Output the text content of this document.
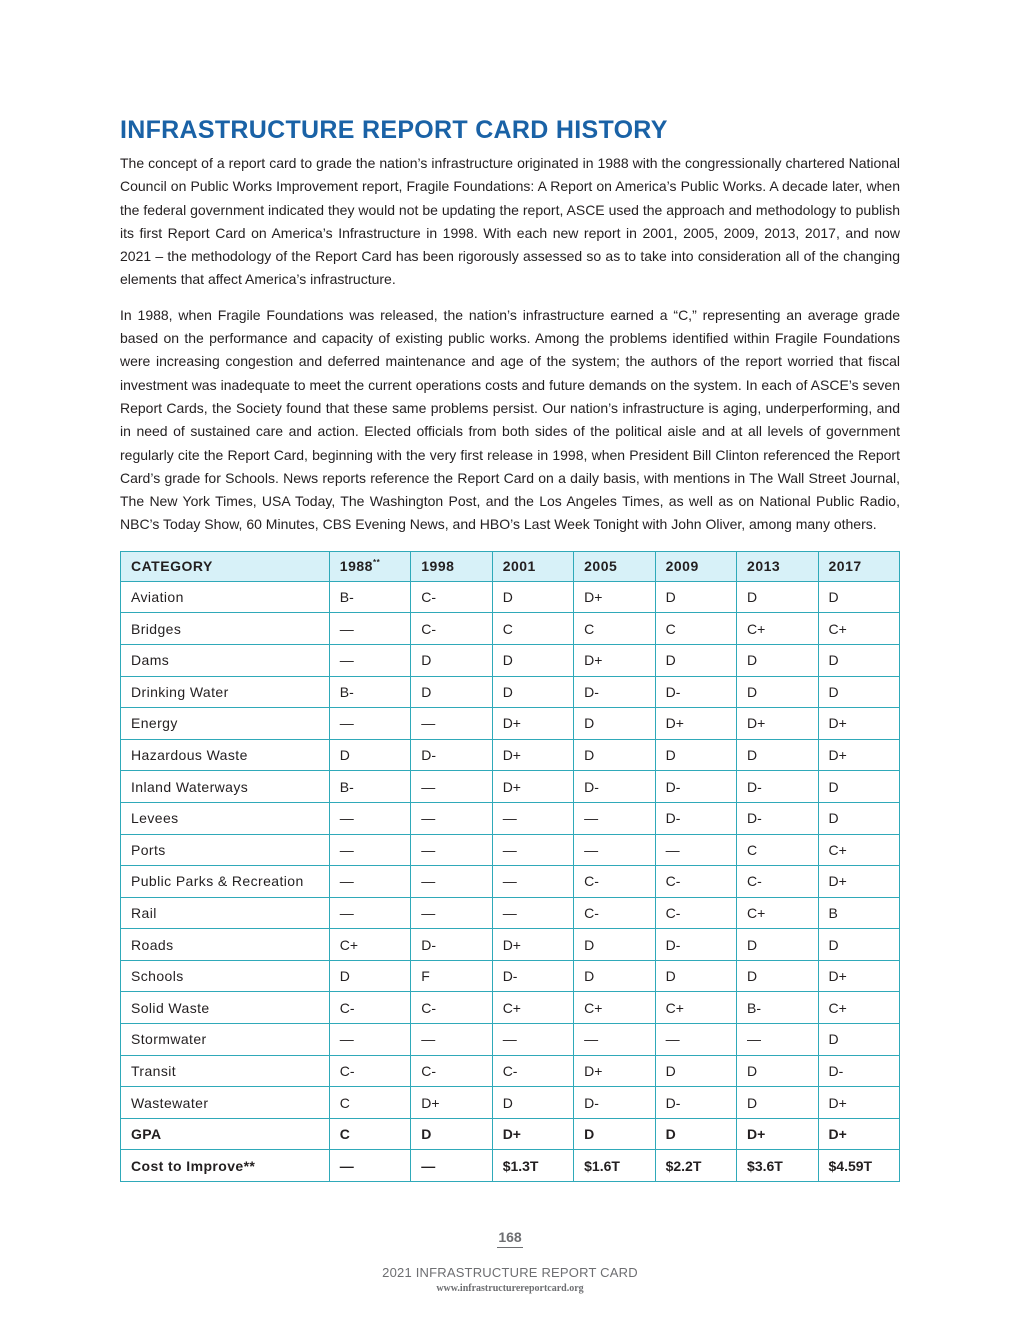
INFRASTRUCTURE REPORT CARD HISTORY

The concept of a report card to grade the nation’s infrastructure originated in 1988 with the congressionally chartered National Council on Public Works Improvement report, Fragile Foundations: A Report on America’s Public Works. A decade later, when the federal government indicated they would not be updating the report, ASCE used the approach and methodology to publish its first Report Card on America’s Infrastructure in 1998. With each new report in 2001, 2005, 2009, 2013, 2017, and now 2021 – the methodology of the Report Card has been rigorously assessed so as to take into consideration all of the changing elements that affect America’s infrastructure.

In 1988, when Fragile Foundations was released, the nation’s infrastructure earned a “C,” representing an average grade based on the performance and capacity of existing public works. Among the problems identified within Fragile Foundations were increasing congestion and deferred maintenance and age of the system; the authors of the report worried that fiscal investment was inadequate to meet the current operations costs and future demands on the system. In each of ASCE’s seven Report Cards, the Society found that these same problems persist. Our nation’s infrastructure is aging, underperforming, and in need of sustained care and action. Elected officials from both sides of the political aisle and at all levels of government regularly cite the Report Card, beginning with the very first release in 1998, when President Bill Clinton referenced the Report Card’s grade for Schools. News reports reference the Report Card on a daily basis, with mentions in The Wall Street Journal, The New York Times, USA Today, The Washington Post, and the Los Angeles Times, as well as on National Public Radio, NBC’s Today Show, 60 Minutes, CBS Evening News, and HBO’s Last Week Tonight with John Oliver, among many others.

CATEGORY	1988**	1998	2001	2005	2009	2013	2017
Aviation	B-	C-	D	D+	D	D	D
Bridges	—	C-	C	C	C	C+	C+
Dams	—	D	D	D+	D	D	D
Drinking Water	B-	D	D	D-	D-	D	D
Energy	—	—	D+	D	D+	D+	D+
Hazardous Waste	D	D-	D+	D	D	D	D+
Inland Waterways	B-	—	D+	D-	D-	D-	D
Levees	—	—	—	—	D-	D-	D
Ports	—	—	—	—	—	C	C+
Public Parks & Recreation	—	—	—	C-	C-	C-	D+
Rail	—	—	—	C-	C-	C+	B
Roads	C+	D-	D+	D	D-	D	D
Schools	D	F	D-	D	D	D	D+
Solid Waste	C-	C-	C+	C+	C+	B-	C+
Stormwater	—	—	—	—	—	—	D
Transit	C-	C-	C-	D+	D	D	D-
Wastewater	C	D+	D	D-	D-	D	D+
GPA	C	D	D+	D	D	D+	D+
Cost to Improve**	—	—	$1.3T	$1.6T	$2.2T	$3.6T	$4.59T
168
2021 INFRASTRUCTURE REPORT CARD
www.infrastructurereportcard.org
